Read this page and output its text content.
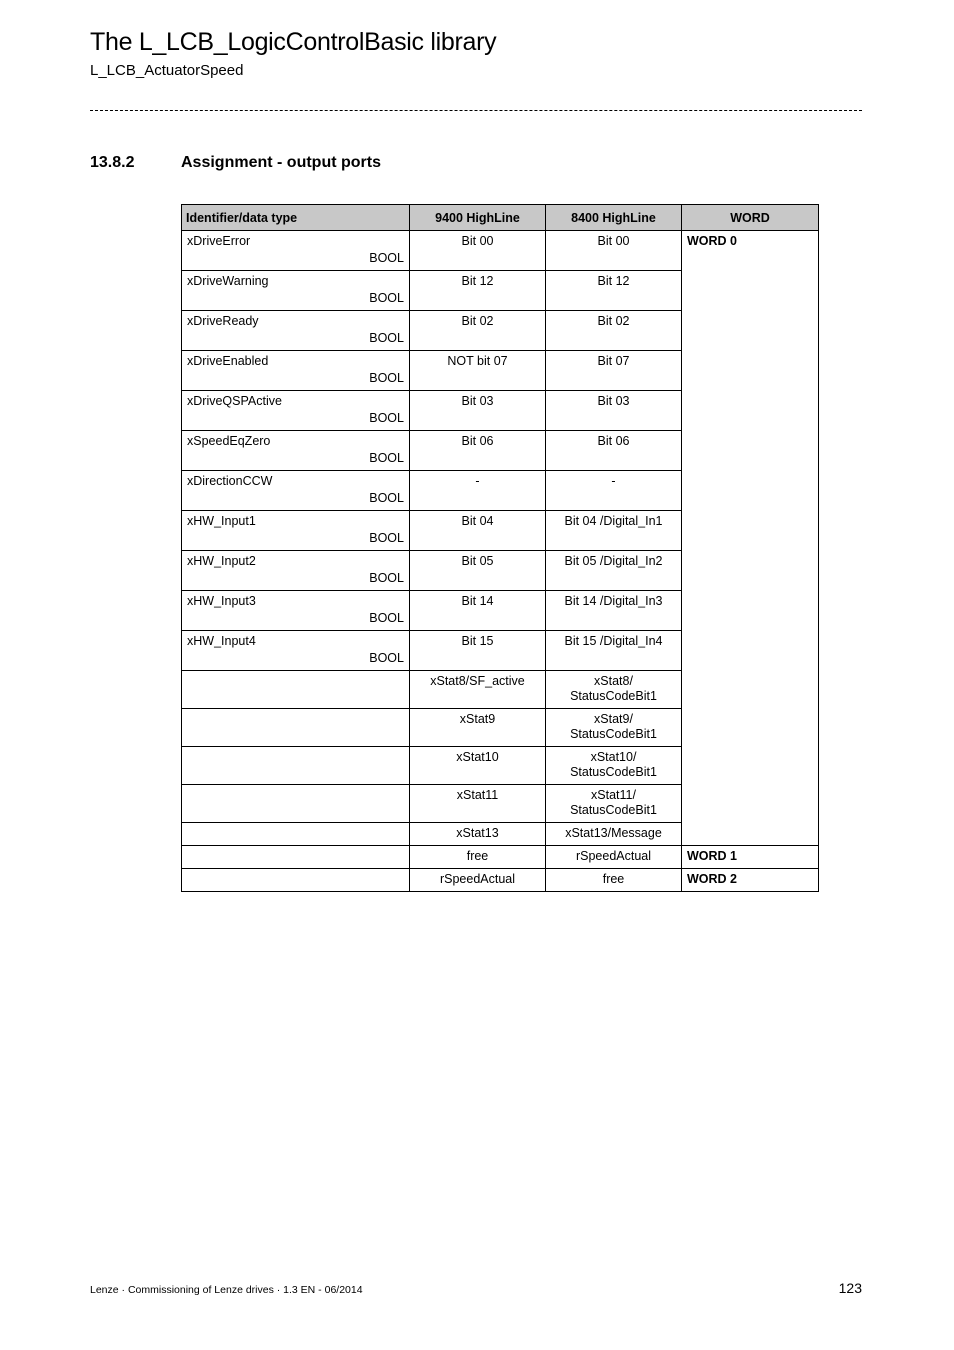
The L_LCB_LogicControlBasic library
L_LCB_ActuatorSpeed
13.8.2	Assignment - output ports
Identifier/data type	9400 HighLine	8400 HighLine	WORD

xDriveError
BOOL	Bit 00	Bit 00	WORD 0

xDriveWarning
BOOL	Bit 12	Bit 12	

xDriveReady
BOOL	Bit 02	Bit 02	

xDriveEnabled
BOOL	NOT bit 07	Bit 07	

xDriveQSPActive
BOOL	Bit 03	Bit 03	

xSpeedEqZero
BOOL	Bit 06	Bit 06	

xDirectionCCW
BOOL	-	-	

xHW_Input1
BOOL	Bit 04	Bit 04 /Digital_In1	

xHW_Input2
BOOL	Bit 05	Bit 05 /Digital_In2	

xHW_Input3
BOOL	Bit 14	Bit 14 /Digital_In3	

xHW_Input4
BOOL	Bit 15	Bit 15 /Digital_In4	
	xStat8/SF_active	xStat8/
StatusCodeBit1	
	xStat9	xStat9/
StatusCodeBit1	
	xStat10	xStat10/
StatusCodeBit1	
	xStat11	xStat11/
StatusCodeBit1	
	xStat13	xStat13/Message	
	free	rSpeedActual	WORD 1
	rSpeedActual	free	WORD 2
Lenze · Commissioning of Lenze drives · 1.3 EN - 06/2014	123
